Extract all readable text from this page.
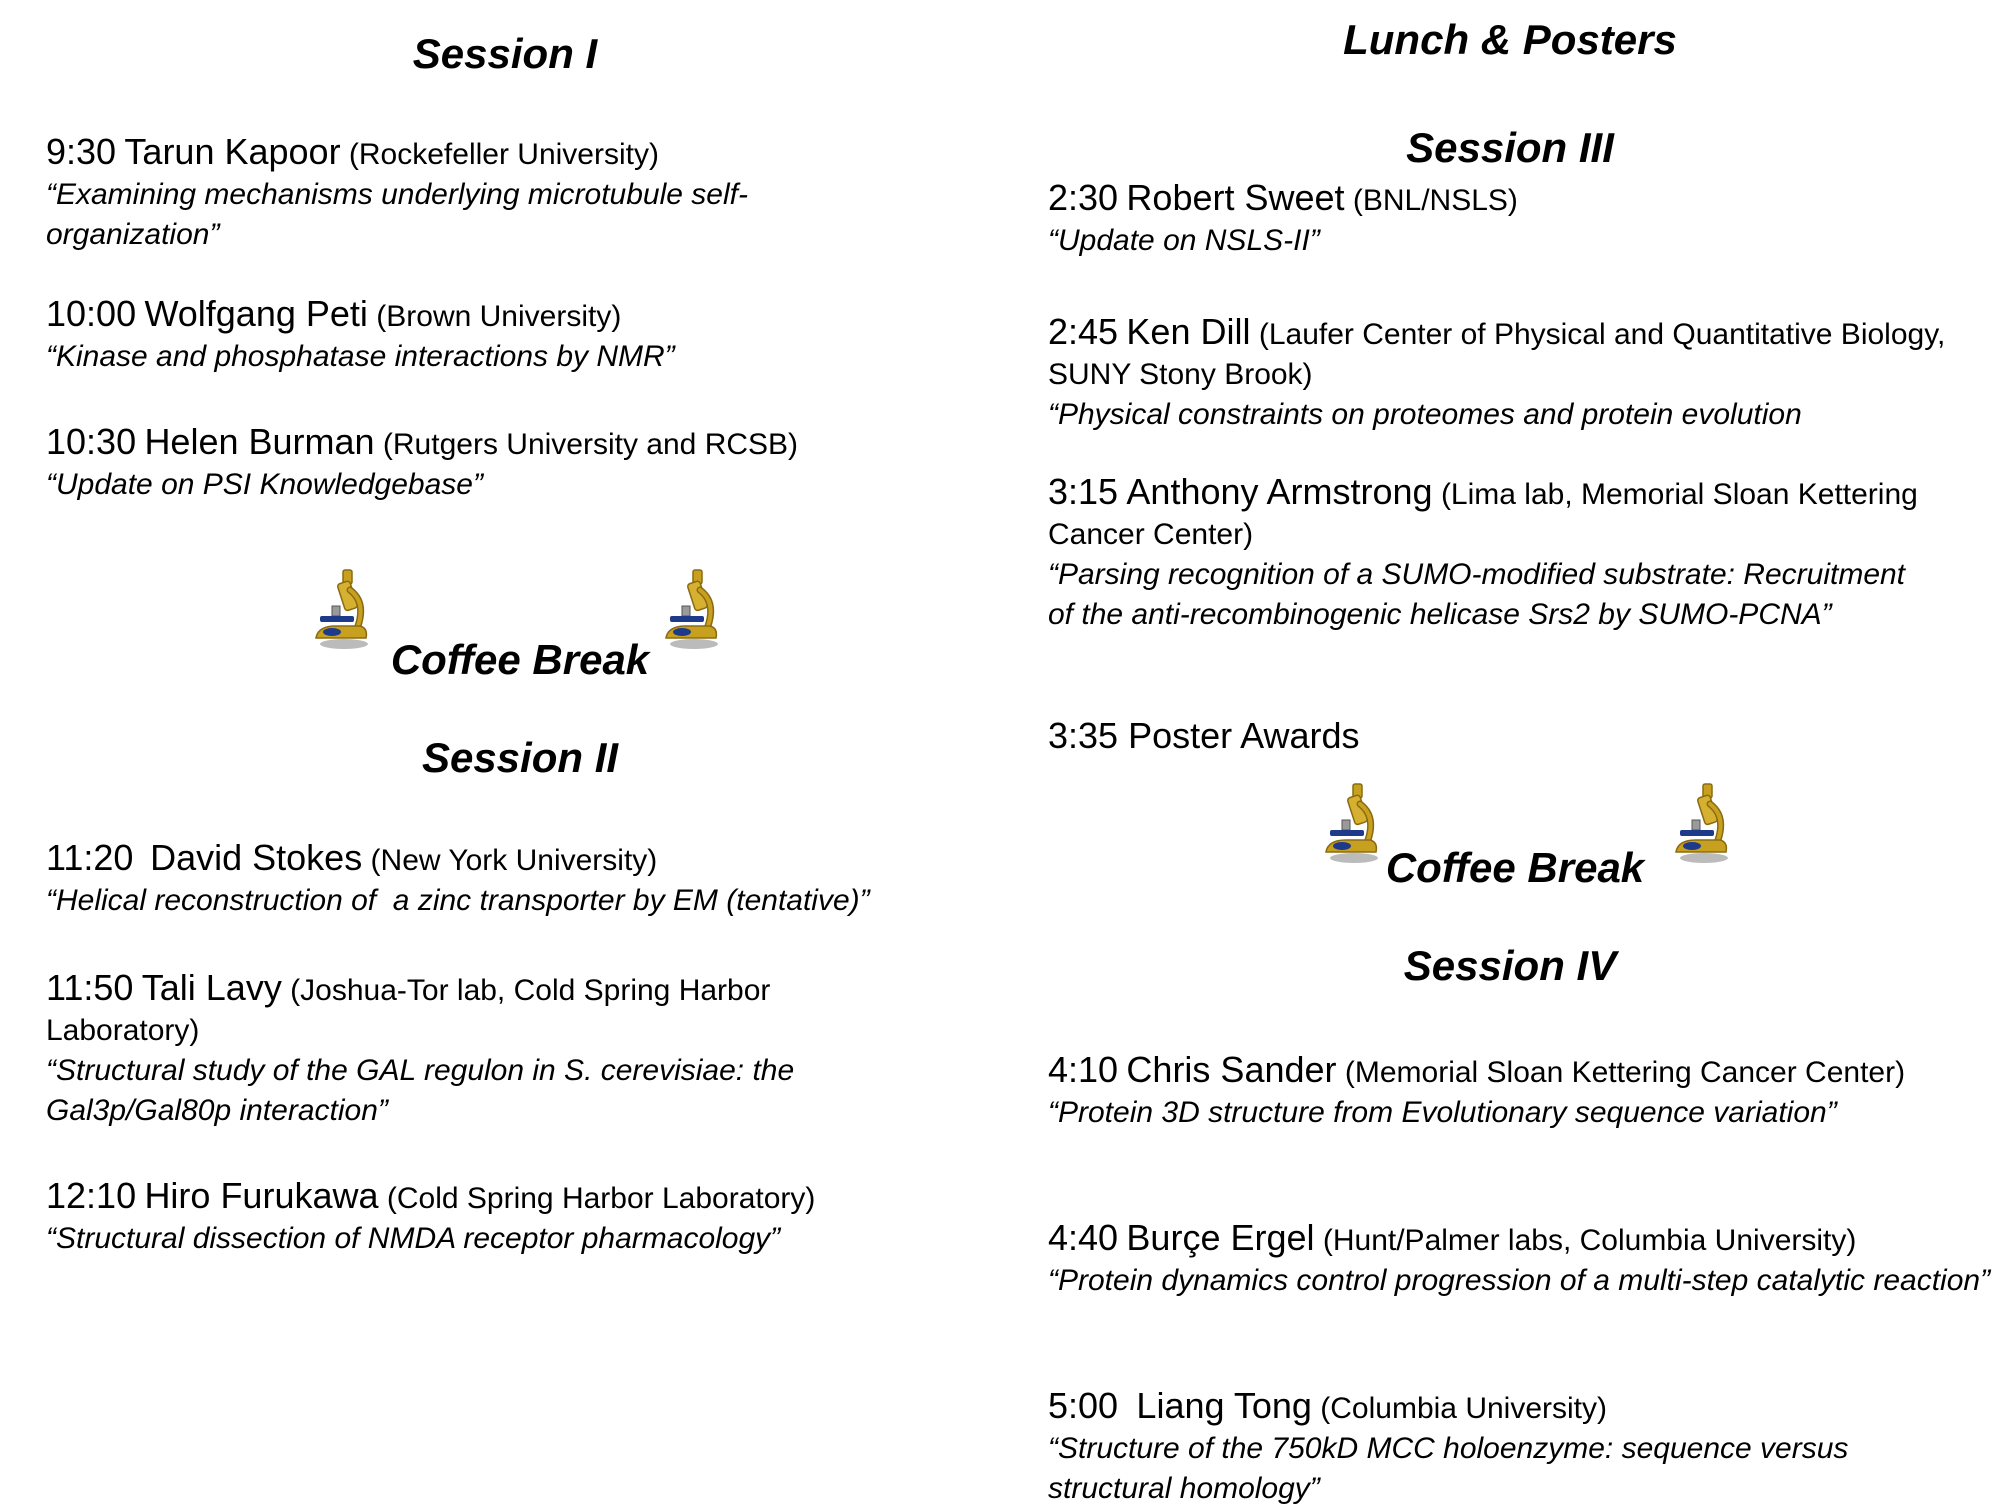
Session I
9:30 Tarun Kapoor (Rockefeller University)
“Examining mechanisms underlying microtubule self-organization”
10:00 Wolfgang Peti (Brown University)
“Kinase and phosphatase interactions by NMR”
10:30 Helen Burman (Rutgers University and RCSB)
“Update on PSI Knowledgebase”
Coffee Break
Session II
11:20 David Stokes (New York University)
“Helical reconstruction of  a zinc transporter by EM (tentative)”
11:50 Tali Lavy (Joshua-Tor lab, Cold Spring Harbor Laboratory)
“Structural study of the GAL regulon in S. cerevisiae: the Gal3p/Gal80p interaction”
12:10 Hiro Furukawa (Cold Spring Harbor Laboratory)
“Structural dissection of NMDA receptor pharmacology”
Lunch & Posters
Session III
2:30 Robert Sweet (BNL/NSLS)
“Update on NSLS-II”
2:45 Ken Dill (Laufer Center of Physical and Quantitative Biology, SUNY Stony Brook)
“Physical constraints on proteomes and protein evolution
3:15 Anthony Armstrong (Lima lab, Memorial Sloan Kettering Cancer Center)
“Parsing recognition of a SUMO-modified substrate: Recruitment of the anti-recombinogenic helicase Srs2 by SUMO-PCNA”
3:35 Poster Awards
Coffee Break
Session IV
4:10 Chris Sander (Memorial Sloan Kettering Cancer Center)
“Protein 3D structure from Evolutionary sequence variation”
4:40 Burçe Ergel (Hunt/Palmer labs, Columbia University)
“Protein dynamics control progression of a multi-step catalytic reaction”
5:00  Liang Tong (Columbia University)
“Structure of the 750kD MCC holoenzyme: sequence versus structural homology”
